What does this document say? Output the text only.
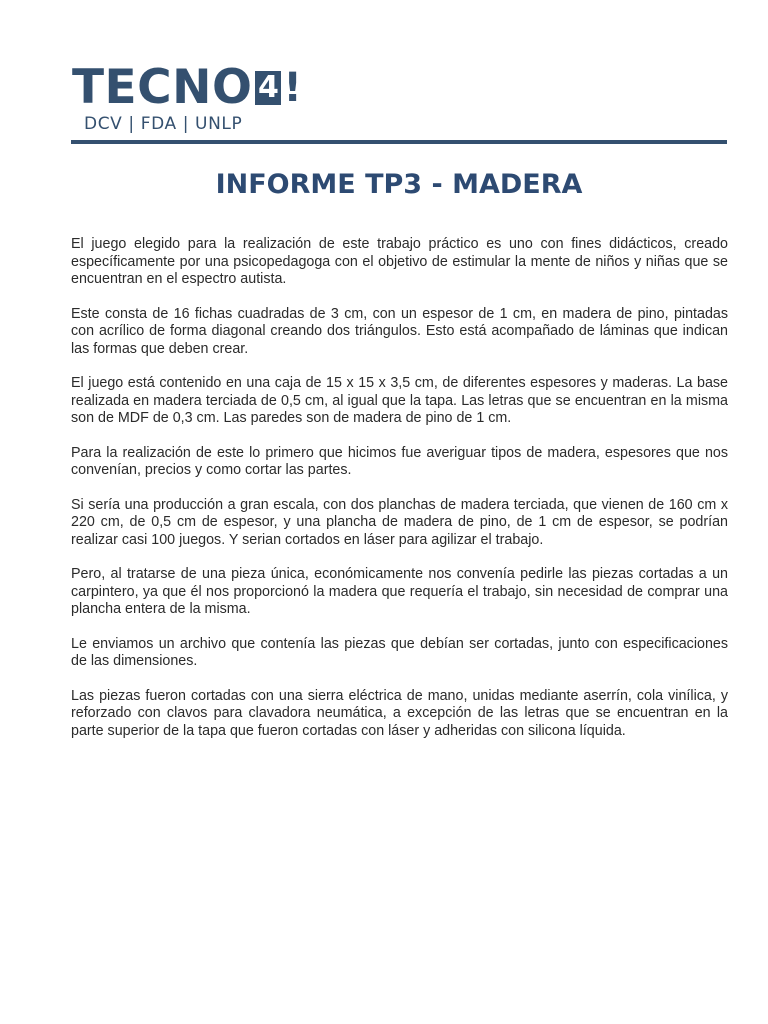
TECNO 4 !
DCV | FDA | UNLP
INFORME TP3 - MADERA

El juego elegido para la realización de este trabajo práctico es uno con fines didácticos, creado específicamente por una psicopedagoga con el objetivo de estimular la mente de niños y niñas que se encuentran en el espectro autista.

Este consta de 16 fichas cuadradas de 3 cm, con un espesor de 1 cm, en madera de pino, pintadas con acrílico de forma diagonal creando dos triángulos. Esto está acompañado de láminas que indican las formas que deben crear.

El juego está contenido en una caja de 15 x 15 x 3,5 cm, de diferentes espesores y maderas. La base realizada en madera terciada de 0,5 cm, al igual que la tapa. Las letras que se encuentran en la misma son de MDF de 0,3 cm. Las paredes son de madera de pino de 1 cm.

Para la realización de este lo primero que hicimos fue averiguar tipos de madera, espesores que nos convenían, precios y como cortar las partes.

Si sería una producción a gran escala, con dos planchas de madera terciada, que vienen de 160 cm x 220 cm, de 0,5 cm de espesor, y una plancha de madera de pino, de 1 cm de espesor, se podrían realizar casi 100 juegos. Y serian cortados en láser para agilizar el trabajo.

Pero, al tratarse de una pieza única, económicamente nos convenía pedirle las piezas cortadas a un carpintero, ya que él nos proporcionó la madera que requería el trabajo, sin necesidad de comprar una plancha entera de la misma.

Le enviamos un archivo que contenía las piezas que debían ser cortadas, junto con especificaciones de las dimensiones.

Las piezas fueron cortadas con una sierra eléctrica de mano, unidas mediante aserrín, cola vinílica, y reforzado con clavos para clavadora neumática, a excepción de las letras que se encuentran en la parte superior de la tapa que fueron cortadas con láser y adheridas con silicona líquida.
